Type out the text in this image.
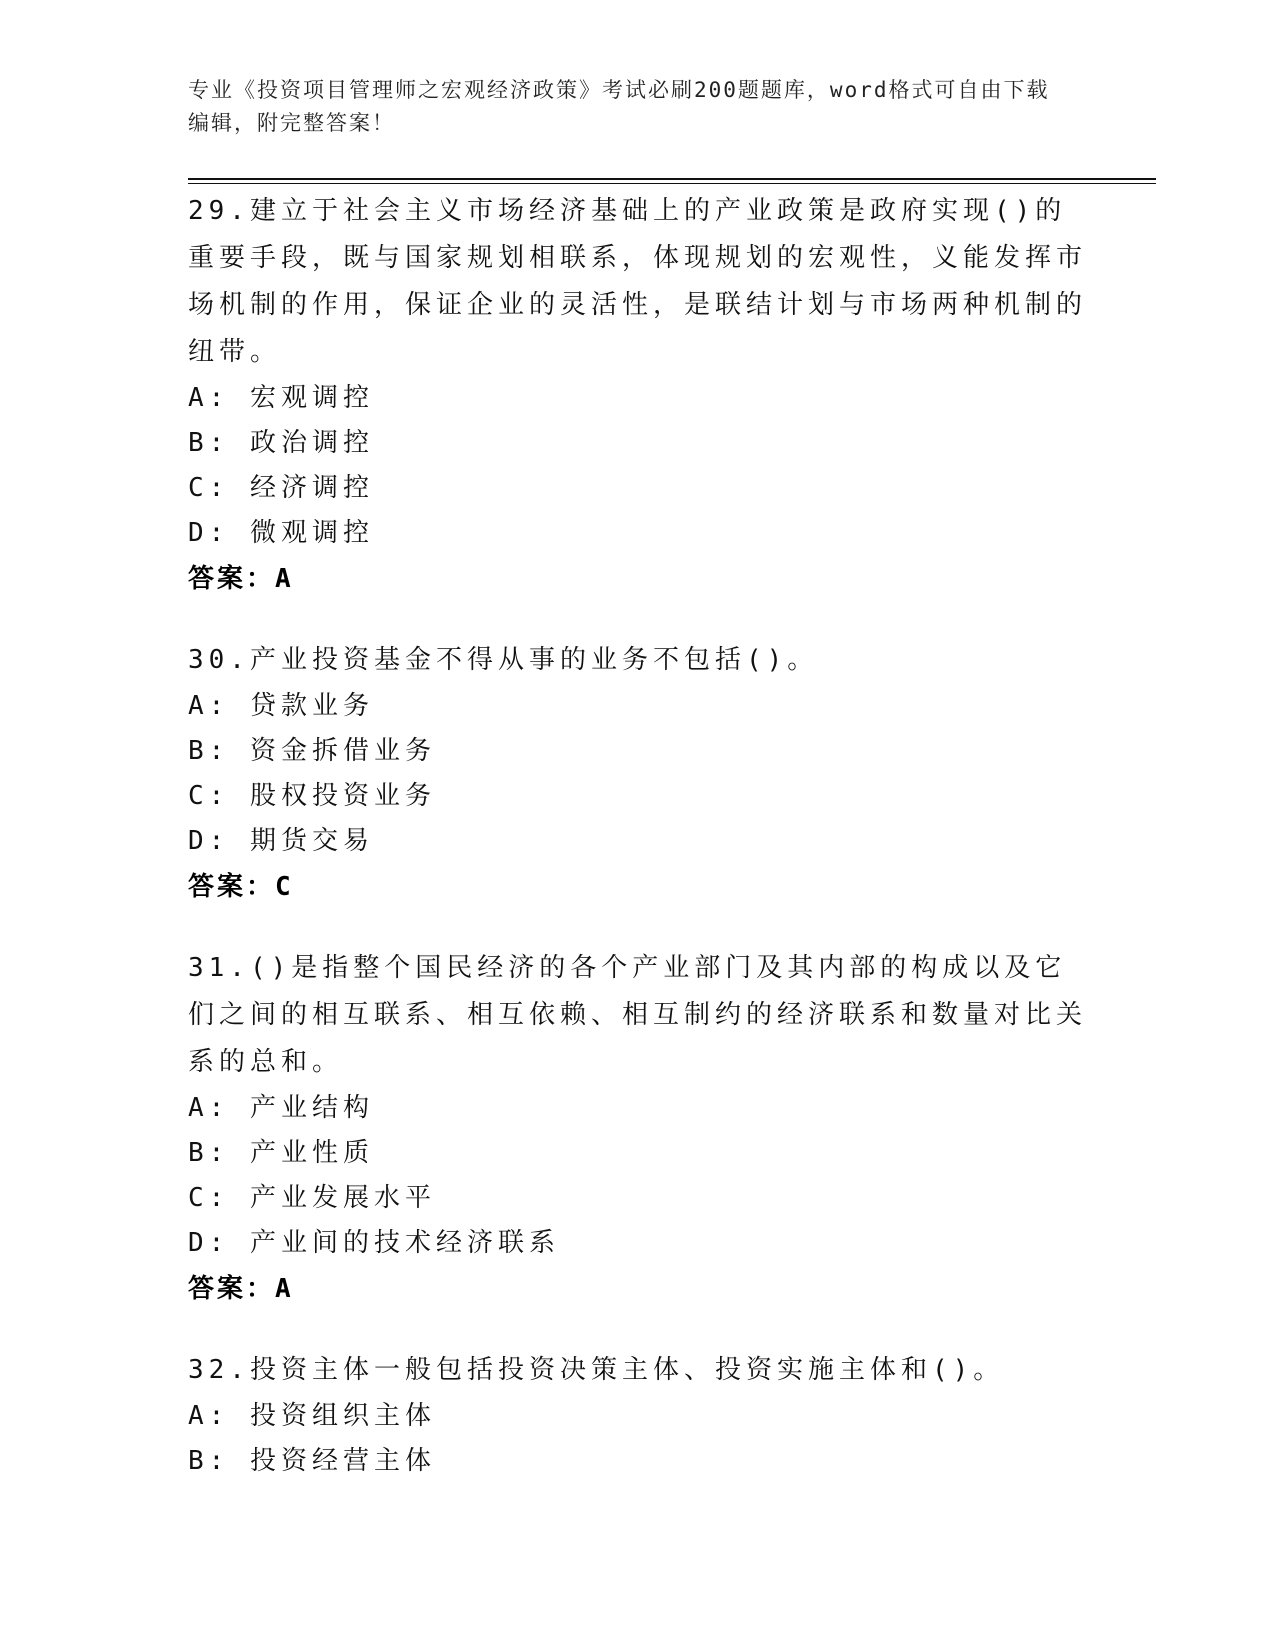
专业《投资项目管理师之宏观经济政策》考试必刷200题题库，word格式可自由下载编辑，附完整答案！

29.建立于社会主义市场经济基础上的产业政策是政府实现()的重要手段，既与国家规划相联系，体现规划的宏观性，义能发挥市场机制的作用，保证企业的灵活性，是联结计划与市场两种机制的纽带。

A: 宏观调控

B: 政治调控

C: 经济调控

D: 微观调控

答案：A

30.产业投资基金不得从事的业务不包括()。

A: 贷款业务

B: 资金拆借业务

C: 股权投资业务

D: 期货交易

答案：C

31.()是指整个国民经济的各个产业部门及其内部的构成以及它们之间的相互联系、相互依赖、相互制约的经济联系和数量对比关系的总和。

A: 产业结构

B: 产业性质

C: 产业发展水平

D: 产业间的技术经济联系

答案：A

32.投资主体一般包括投资决策主体、投资实施主体和()。

A: 投资组织主体

B: 投资经营主体
